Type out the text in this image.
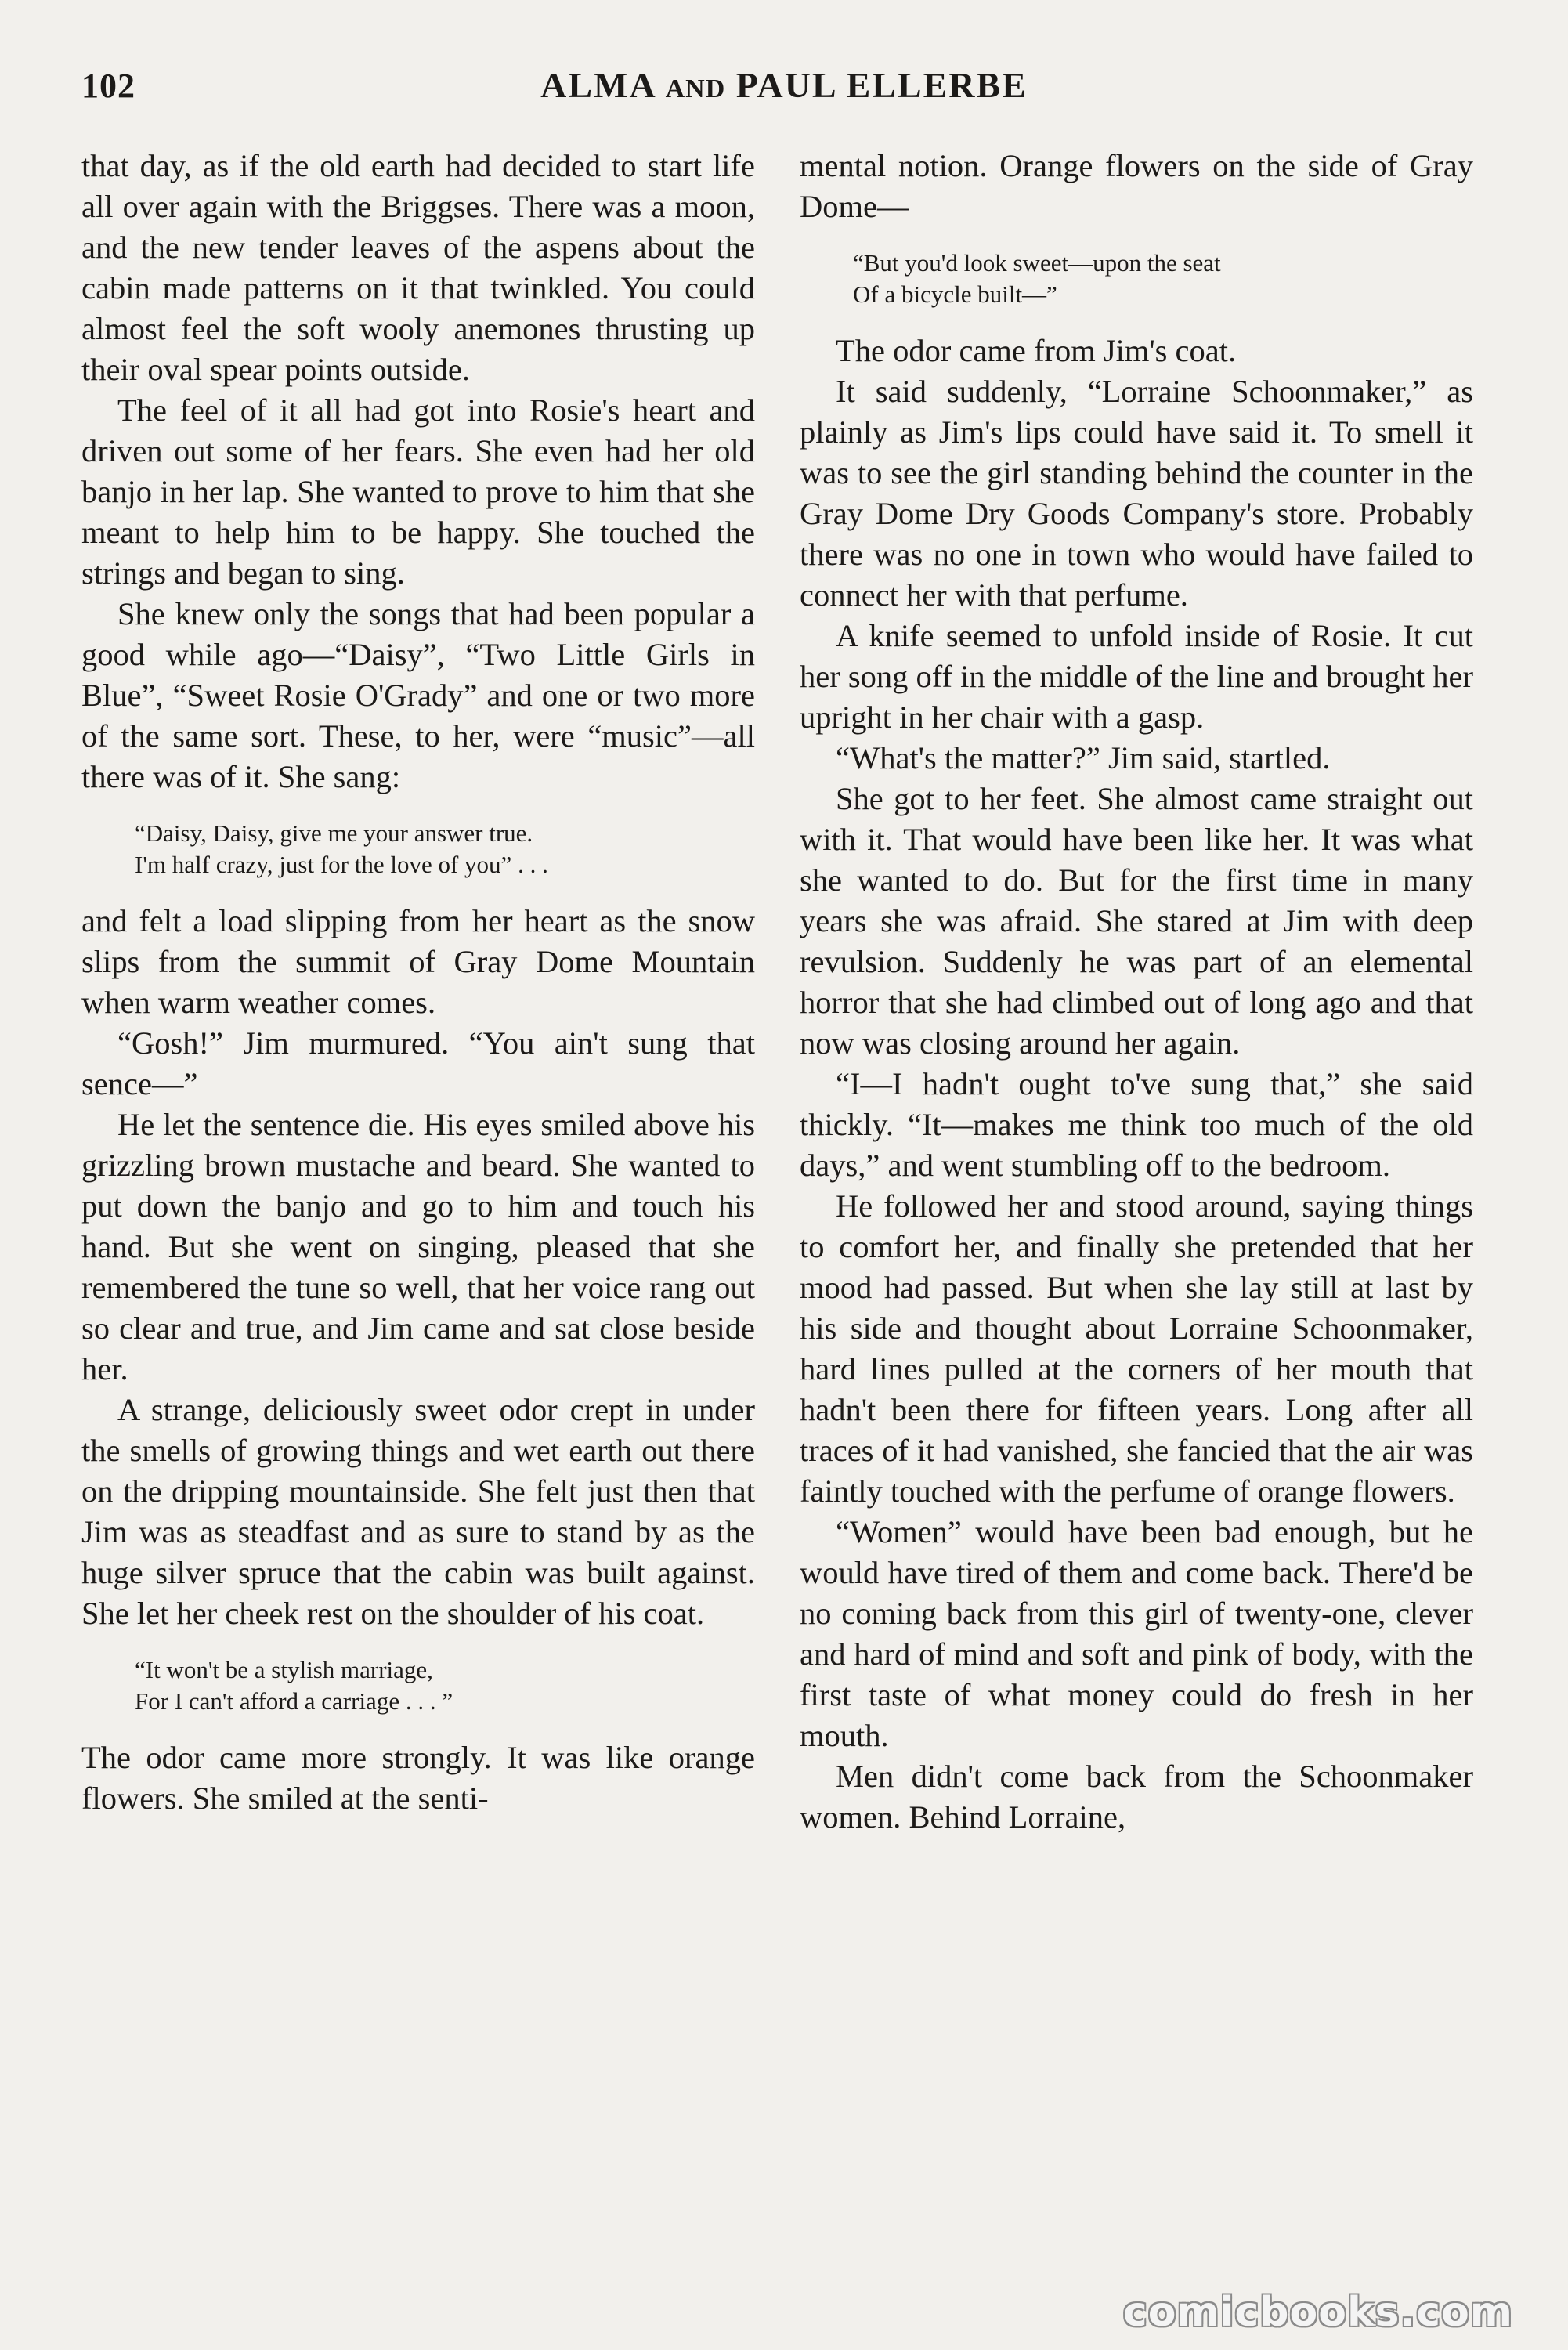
102	ALMA AND PAUL ELLERBE

that day, as if the old earth had decided to start life all over again with the Briggses. There was a moon, and the new tender leaves of the aspens about the cabin made patterns on it that twinkled. You could almost feel the soft wooly anemones thrusting up their oval spear points outside.

The feel of it all had got into Rosie's heart and driven out some of her fears. She even had her old banjo in her lap. She wanted to prove to him that she meant to help him to be happy. She touched the strings and began to sing.

She knew only the songs that had been popular a good while ago—“Daisy”, “Two Little Girls in Blue”, “Sweet Rosie O'Grady” and one or two more of the same sort. These, to her, were “music”—all there was of it. She sang:

“Daisy, Daisy, give me your answer true.
I'm half crazy, just for the love of you” . . .

and felt a load slipping from her heart as the snow slips from the summit of Gray Dome Mountain when warm weather comes.

“Gosh!” Jim murmured. “You ain't sung that sence—”

He let the sentence die. His eyes smiled above his grizzling brown mustache and beard. She wanted to put down the banjo and go to him and touch his hand. But she went on singing, pleased that she remembered the tune so well, that her voice rang out so clear and true, and Jim came and sat close beside her.

A strange, deliciously sweet odor crept in under the smells of growing things and wet earth out there on the dripping mountainside. She felt just then that Jim was as steadfast and as sure to stand by as the huge silver spruce that the cabin was built against. She let her cheek rest on the shoulder of his coat.

“It won't be a stylish marriage,
For I can't afford a carriage . . . ”

The odor came more strongly. It was like orange flowers. She smiled at the senti-

mental notion. Orange flowers on the side of Gray Dome—

“But you'd look sweet—upon the seat
Of a bicycle built—”

The odor came from Jim's coat.

It said suddenly, “Lorraine Schoonmaker,” as plainly as Jim's lips could have said it. To smell it was to see the girl standing behind the counter in the Gray Dome Dry Goods Company's store. Probably there was no one in town who would have failed to connect her with that perfume.

A knife seemed to unfold inside of Rosie. It cut her song off in the middle of the line and brought her upright in her chair with a gasp.

“What's the matter?” Jim said, startled.

She got to her feet. She almost came straight out with it. That would have been like her. It was what she wanted to do. But for the first time in many years she was afraid. She stared at Jim with deep revulsion. Suddenly he was part of an elemental horror that she had climbed out of long ago and that now was closing around her again.

“I—I hadn't ought to've sung that,” she said thickly. “It—makes me think too much of the old days,” and went stumbling off to the bedroom.

He followed her and stood around, saying things to comfort her, and finally she pretended that her mood had passed. But when she lay still at last by his side and thought about Lorraine Schoonmaker, hard lines pulled at the corners of her mouth that hadn't been there for fifteen years. Long after all traces of it had vanished, she fancied that the air was faintly touched with the perfume of orange flowers.

“Women” would have been bad enough, but he would have tired of them and come back. There'd be no coming back from this girl of twenty-one, clever and hard of mind and soft and pink of body, with the first taste of what money could do fresh in her mouth.

Men didn't come back from the Schoonmaker women. Behind Lorraine,

comicbooks.com
